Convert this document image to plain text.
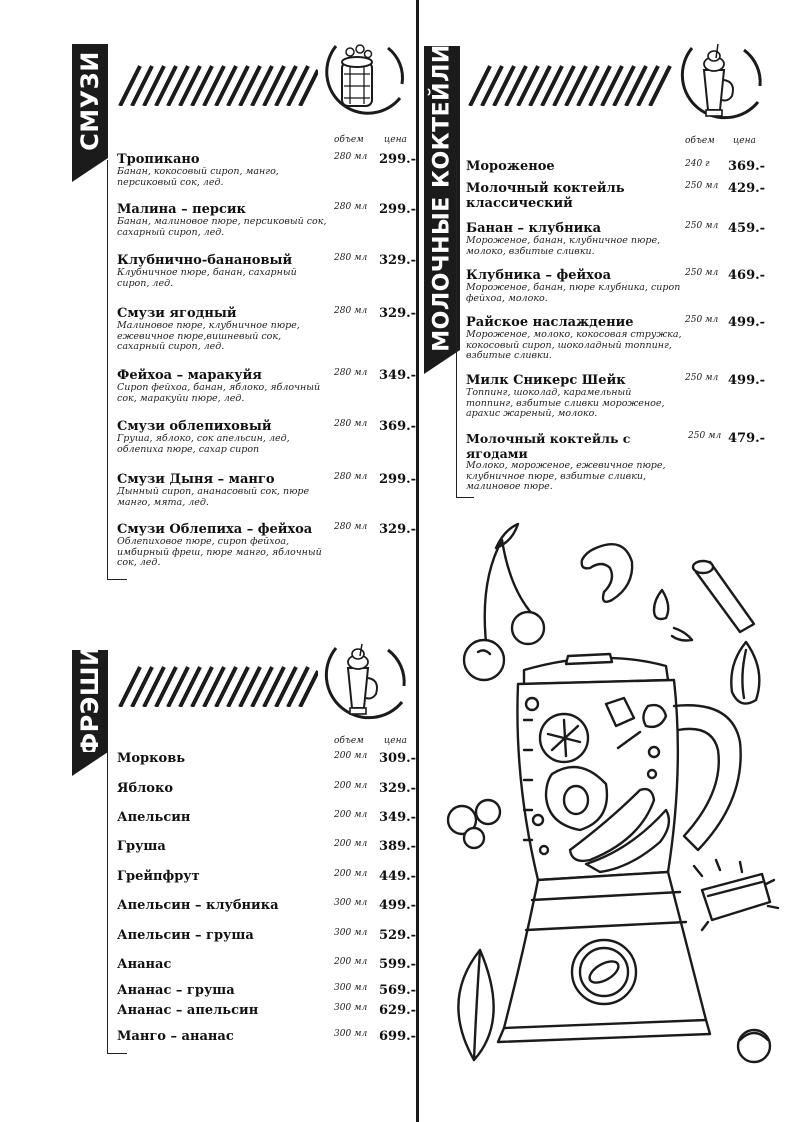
СМУЗИ	объем цена
Тропикано
Банан, кокосовый сироп, манго, персиковый сок, лед.
280 мл 299.-
Малина – персик
Банан, малиновое пюре, персиковый сок, сахарный сироп, лед.
280 мл 299.-
Клубнично-банановый
Клубничное пюре, банан, сахарный сироп, лед.
280 мл 329.-
Смузи ягодный
Малиновое пюре, клубничное пюре, ежевичное пюре,вишневый сок, сахарный сироп, лед.
280 мл 329.-
Фейхоа – маракуйя
Сироп фейхоа, банан, яблоко, яблочный сок, маракуйи пюре, лед.
280 мл 349.-
Смузи облепиховый
Груша, яблоко, сок апельсин, лед, облепиха пюре, сахар сироп
280 мл 369.-
Смузи Дыня – манго
Дынный сироп, ананасовый сок, пюре манго, мята, лед.
280 мл 299.-
Смузи Облепиха – фейхоа
Облепиховое пюре, сироп фейхоа, имбирный фреш, пюре манго, яблочный сок, лед.
280 мл 329.-
ФРЭШИ	объем цена
Морковь	200 мл 309.-
Яблоко	200 мл 329.-
Апельсин	200 мл 349.-
Груша	200 мл 389.-
Грейпфрут	200 мл 449.-
Апельсин – клубника	300 мл 499.-
Апельсин – груша	300 мл 529.-
Ананас	200 мл 599.-
Ананас – груша	300 мл 569.-
Ананас – апельсин	300 мл 629.-
Манго – ананас	300 мл 699.-
МОЛОЧНЫЕ КОКТЕЙЛИ	объем цена
Мороженое	240 г 369.-
Молочный коктейль классический
250 мл 429.-
Банан – клубника
Мороженое, банан, клубничное пюре, молоко, взбитые сливки.
250 мл 459.-
Клубника – фейхоа
Мороженое, банан, пюре клубника, сироп фейхоа, молоко.
250 мл 469.-
Райское наслаждение
Мороженое, молоко, кокосовая стружка, кокосовый сироп, шоколадный топпинг, взбитые сливки.
250 мл 499.-
Милк Сникерс Шейк
Топпинг, шоколад, карамельный топпинг, взбитые сливки мороженое, арахис жареный, молоко.
250 мл 499.-
Молочный коктейль с ягодами
Молоко, мороженое, ежевичное пюре, клубничное пюре, взбитые сливки, малиновое пюре.
250 мл 479.-
